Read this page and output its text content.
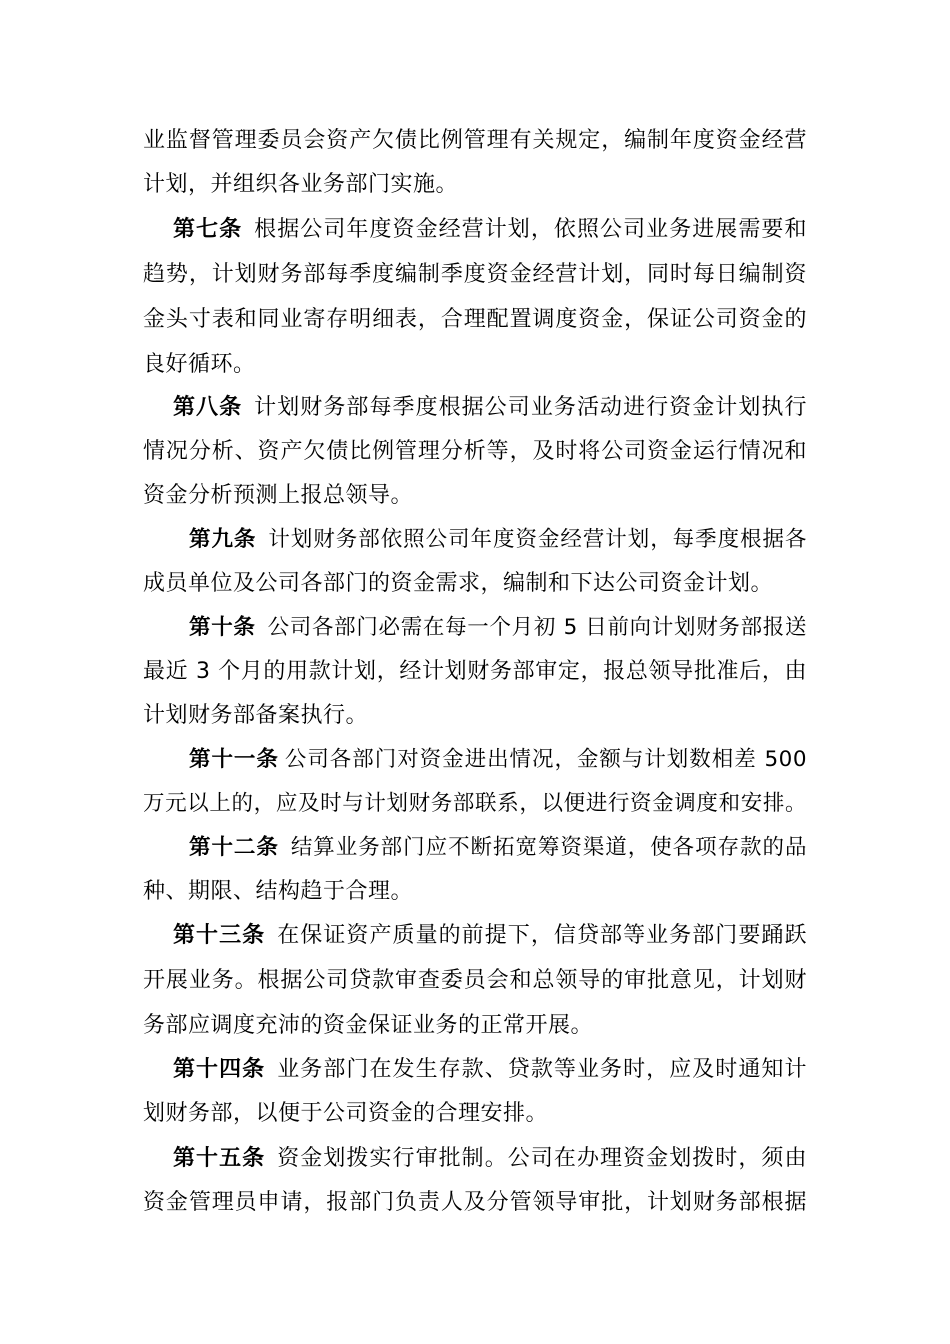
业监督管理委员会资产欠债比例管理有关规定，编制年度资金经营
计划，并组织各业务部门实施。
第七条 根据公司年度资金经营计划，依照公司业务进展需要和
趋势，计划财务部每季度编制季度资金经营计划，同时每日编制资
金头寸表和同业寄存明细表，合理配置调度资金，保证公司资金的
良好循环。
第八条 计划财务部每季度根据公司业务活动进行资金计划执行
情况分析、资产欠债比例管理分析等，及时将公司资金运行情况和
资金分析预测上报总领导。
第九条 计划财务部依照公司年度资金经营计划，每季度根据各
成员单位及公司各部门的资金需求，编制和下达公司资金计划。
第十条 公司各部门必需在每一个月初 5 日前向计划财务部报送
最近 3 个月的用款计划，经计划财务部审定，报总领导批准后，由
计划财务部备案执行。
第十一条 公司各部门对资金进出情况，金额与计划数相差 500
万元以上的，应及时与计划财务部联系，以便进行资金调度和安排。
第十二条 结算业务部门应不断拓宽筹资渠道，使各项存款的品
种、期限、结构趋于合理。
第十三条 在保证资产质量的前提下，信贷部等业务部门要踊跃
开展业务。根据公司贷款审查委员会和总领导的审批意见，计划财
务部应调度充沛的资金保证业务的正常开展。
第十四条 业务部门在发生存款、贷款等业务时，应及时通知计
划财务部，以便于公司资金的合理安排。
第十五条 资金划拨实行审批制。公司在办理资金划拨时，须由
资金管理员申请，报部门负责人及分管领导审批，计划财务部根据
